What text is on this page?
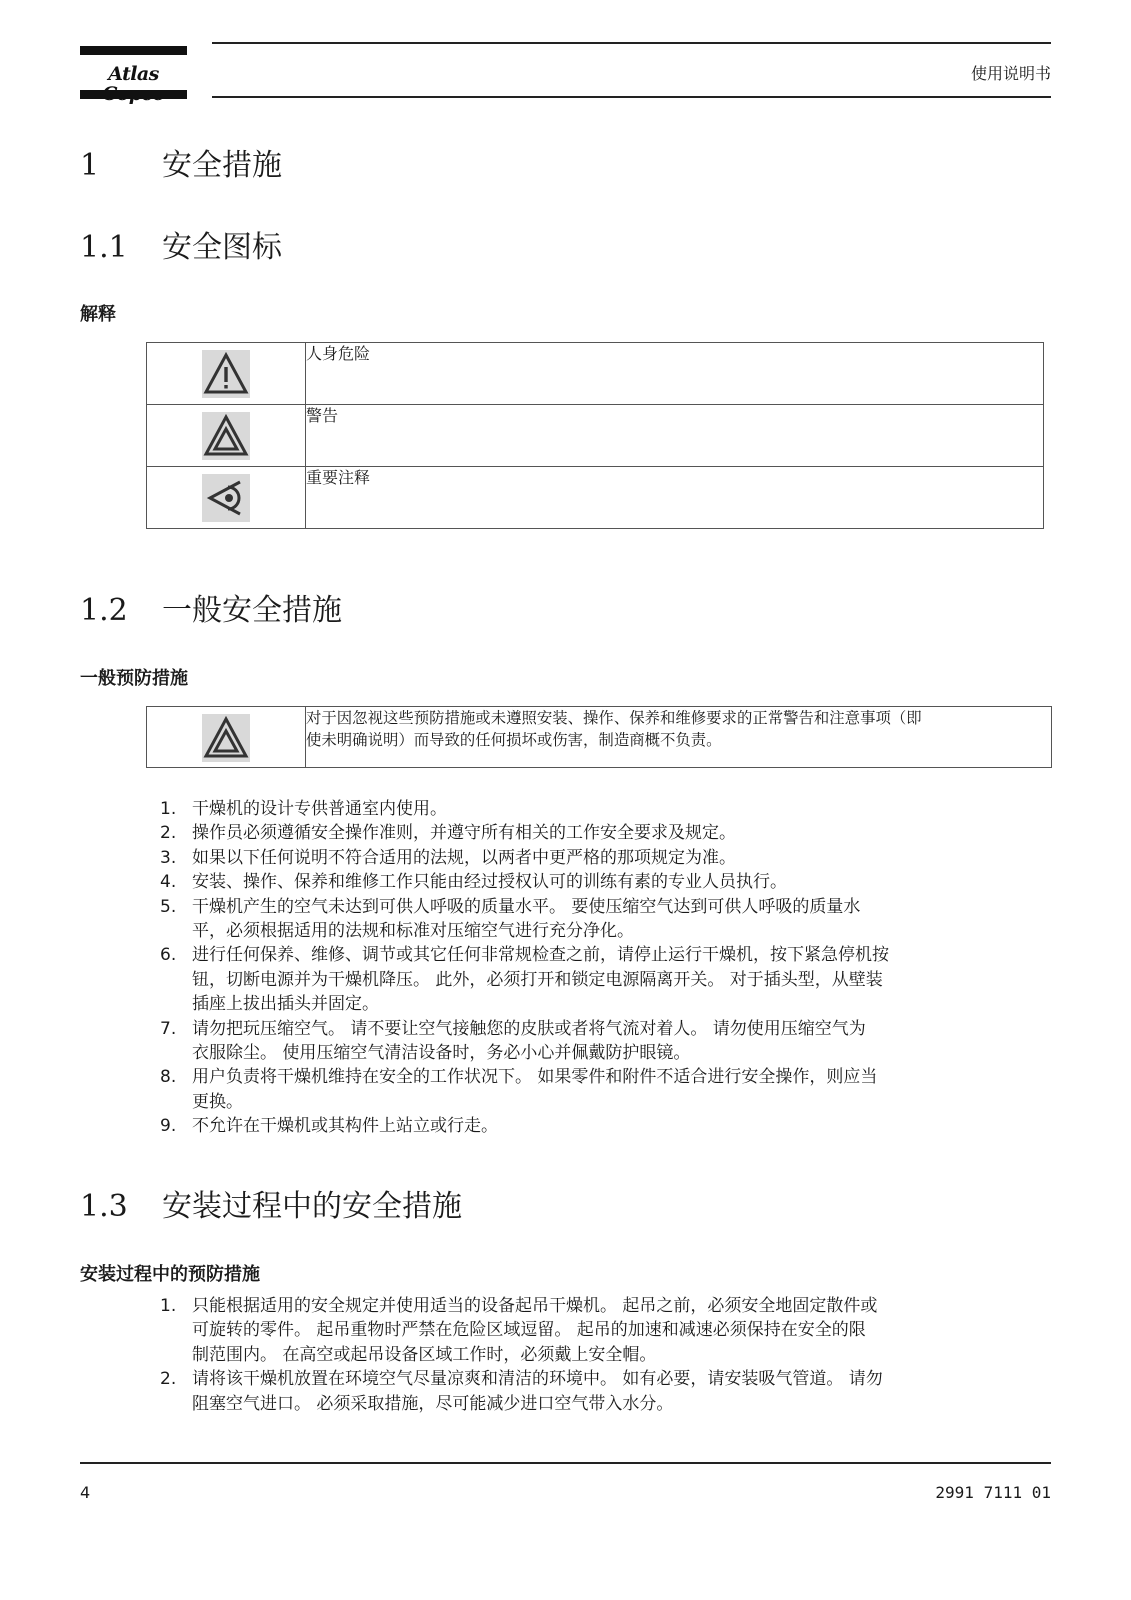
Atlas	使用说明书
1 安全措施
1.1 安全图标
解释
	人身危险

	警告

	重要注释
1.2 一般安全措施
一般预防措施

对于因忽视这些预防措施或未遵照安装、操作、保养和维修要求的正常警告和注意事项（即
使未明确说明）而导致的任何损坏或伤害，制造商概不负责。
1. 干燥机的设计专供普通室内使用。
2. 操作员必须遵循安全操作准则，并遵守所有相关的工作安全要求及规定。
3. 如果以下任何说明不符合适用的法规，以两者中更严格的那项规定为准。
4. 安装、操作、保养和维修工作只能由经过授权认可的训练有素的专业人员执行。
5. 干燥机产生的空气未达到可供人呼吸的质量水平。 要使压缩空气达到可供人呼吸的质量水
平，必须根据适用的法规和标准对压缩空气进行充分净化。
6. 进行任何保养、维修、调节或其它任何非常规检查之前，请停止运行干燥机，按下紧急停机按
钮，切断电源并为干燥机降压。 此外，必须打开和锁定电源隔离开关。 对于插头型，从壁装
插座上拔出插头并固定。
7. 请勿把玩压缩空气。 请不要让空气接触您的皮肤或者将气流对着人。 请勿使用压缩空气为
衣服除尘。 使用压缩空气清洁设备时，务必小心并佩戴防护眼镜。
8. 用户负责将干燥机维持在安全的工作状况下。 如果零件和附件不适合进行安全操作，则应当
更换。
9. 不允许在干燥机或其构件上站立或行走。
1.3 安装过程中的安全措施
安装过程中的预防措施
1. 只能根据适用的安全规定并使用适当的设备起吊干燥机。 起吊之前，必须安全地固定散件或
可旋转的零件。 起吊重物时严禁在危险区域逗留。 起吊的加速和减速必须保持在安全的限
制范围内。 在高空或起吊设备区域工作时，必须戴上安全帽。
2. 请将该干燥机放置在环境空气尽量凉爽和清洁的环境中。 如有必要，请安装吸气管道。 请勿
阻塞空气进口。 必须采取措施，尽可能减少进口空气带入水分。
4	2991 7111 01
